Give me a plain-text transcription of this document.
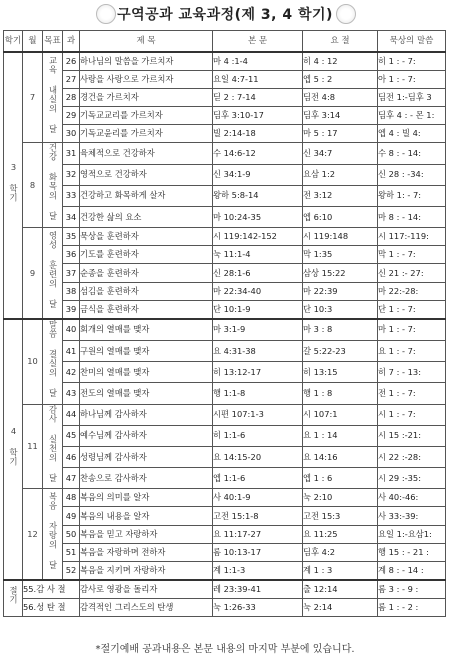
구역공과 교육과정(제 3, 4 학기)
학기	월	목표	과	제 목	본 문	요 절	묵상의 말씀
3 학기	7	교육 내실의 달	26	하나님의 말씀을 가르치자	마 4 :1-4	히 4 : 12	히 1 : - 7:
			27	사랑을 사랑으로 가르치자	요일 4:7-11	엡 5 : 2	아 1 : - 7:
			28	경건을 가르치자	딛 2 : 7-14	딤전 4:8	딤전 1:-딤후 3
			29	기독교교리를 가르치자	딤후 3:10-17	딤후 3:14	딤후 4 : - 몬 1:
			30	기독교윤리를 가르치자	빌 2:14-18	마 5 : 17	엡 4 : 빌 4:
	8	건강 화목의 달	31	육체적으로 건강하자	수 14:6-12	신 34:7	수 8 : - 14:
			32	영적으로 건강하자	신 34:1-9	요삼 1:2	신 28 : -34:
			33	건강하고 화목하게 살자	왕하 5:8-14	전 3:12	왕하 1: - 7:
			34	건강한 삶의 요소	마 10:24-35	엡 6:10	마 8 : - 14:
	9	영성 훈련의 달	35	묵상을 훈련하자	시 119:142-152	시 119:148	시 117:-119:
			36	기도를 훈련하자	눅 11:1-4	막 1:35	막 1 : - 7:
			37	순종을 훈련하자	신 28:1-6	삼상 15:22	신 21 :- 27:
			38	섬김을 훈련하자	마 22:34-40	마 22:39	마 22:-28:
			39	금식을 훈련하자	단 10:1-9	단 10:3	단 1 : - 7:
4 학기	10	말씀 결실의 달	40	회개의 열매를 맺자	마 3:1-9	마 3 : 8	마 1 : - 7:
			41	구원의 열매를 맺자	요 4:31-38	갈 5:22-23	요 1 : - 7:
			42	찬미의 열매를 맺자	히 13:12-17	히 13:15	히 7 : - 13:
			43	전도의 열매를 맺자	행 1:1-8	행 1 : 8	전 1 : - 7:
	11	감사 실천의 달	44	하나님께 감사하자	시편 107:1-3	시 107:1	시 1 : - 7:
			45	예수님께 감사하자	히 1:1-6	요 1 : 14	시 15 :-21:
			46	성령님께 감사하자	요 14:15-20	요 14:16	시 22 :-28:
			47	찬송으로 감사하자	엡 1:1-6	엡 1 : 6	시 29 :-35:
	12	복음 자랑의 달	48	복음의 의미를 알자	사 40:1-9	눅 2:10	사 40:-46:
			49	복음의 내용을 알자	고전 15:1-8	고전 15:3	사 33:-39:
			50	복음을 믿고 자랑하자	요 11:17-27	요 11:25	요일 1:-요삼1:
			51	복음을 자랑하며 전하자	롬 10:13-17	딤후 4:2	행 15 : - 21 :
			52	복음을 지키며 자랑하자	계 1:1-3	계 1 : 3	계 8 : - 14 :
절기	55.감 사 절			감사로 영광을 돌리자	레 23:39-41	출 12:14	롬 3 : - 9 :
	56.성 탄 절			감격적인 그리스도의 탄생	눅 1:26-33	눅 2:14	롬 1 : - 2 :
*절기예배 공과내용은 본문 내용의 마지막 부분에 있습니다.
